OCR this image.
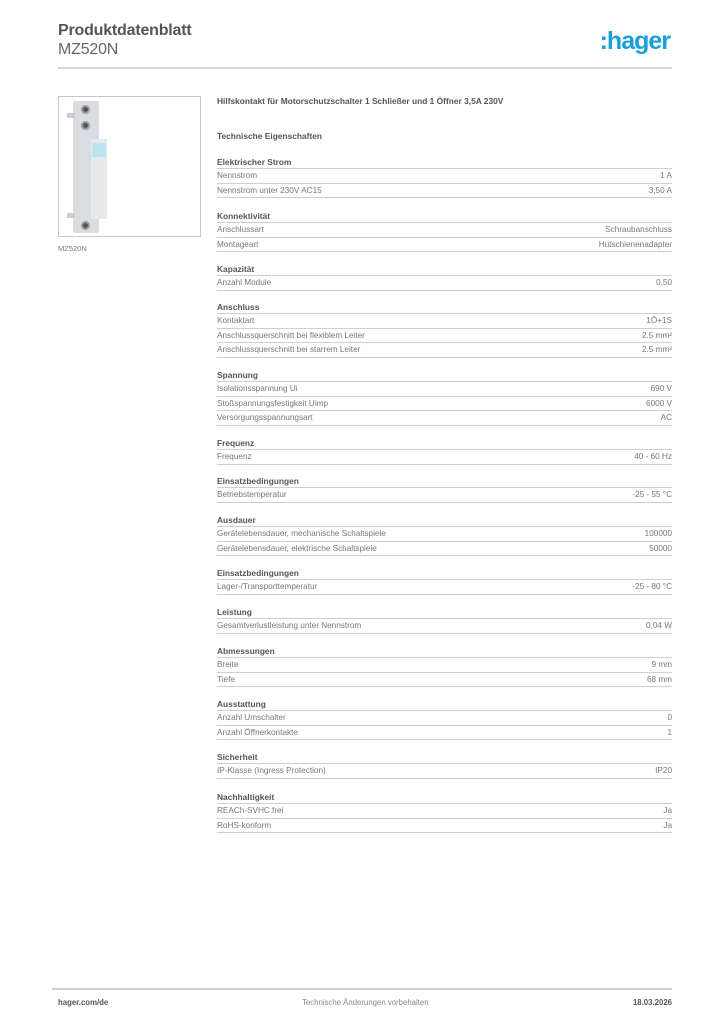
Produktdatenblatt
MZ520N	:hager
MZ520N
Hilfskontakt für Motorschutzschalter 1 Schließer und 1 Öffner 3,5A 230V
Technische Eigenschaften
Elektrischer Strom
Nennstrom	1 A
Nennstrom unter 230V AC15	3,50 A
Konnektivität
Anschlussart	Schraubanschluss
Montageart	Hutschienenadapter
Kapazität
Anzahl Module	0,50
Anschluss
Kontaktart	1Ö+1S
Anschlussquerschnitt bei flexiblem Leiter	2.5 mm²
Anschlussquerschnitt bei starrem Leiter	2.5 mm²
Spannung
Isolationsspannung Ui	690 V
Stoßspannungsfestigkeit Uimp	6000 V
Versorgungsspannungsart	AC
Frequenz
Frequenz	40 - 60 Hz
Einsatzbedingungen
Betriebstemperatur	-25 - 55 °C
Ausdauer
Gerätelebensdauer, mechanische Schaltspiele	100000
Gerätelebensdauer, elektrische Schaltspiele	50000
Einsatzbedingungen
Lager-/Transporttemperatur	-25 - 80 °C
Leistung
Gesamtverlustleistung unter Nennstrom	0,04 W
Abmessungen
Breite	9 mm
Tiefe	68 mm
Ausstattung
Anzahl Umschalter	0
Anzahl Öffnerkontakte	1
Sicherheit
IP-Klasse (Ingress Protection)	IP20
Nachhaltigkeit
REACh-SVHC frei	Ja
RoHS-konform	Ja
hager.com/de	Technische Änderungen vorbehalten	18.03.2026
